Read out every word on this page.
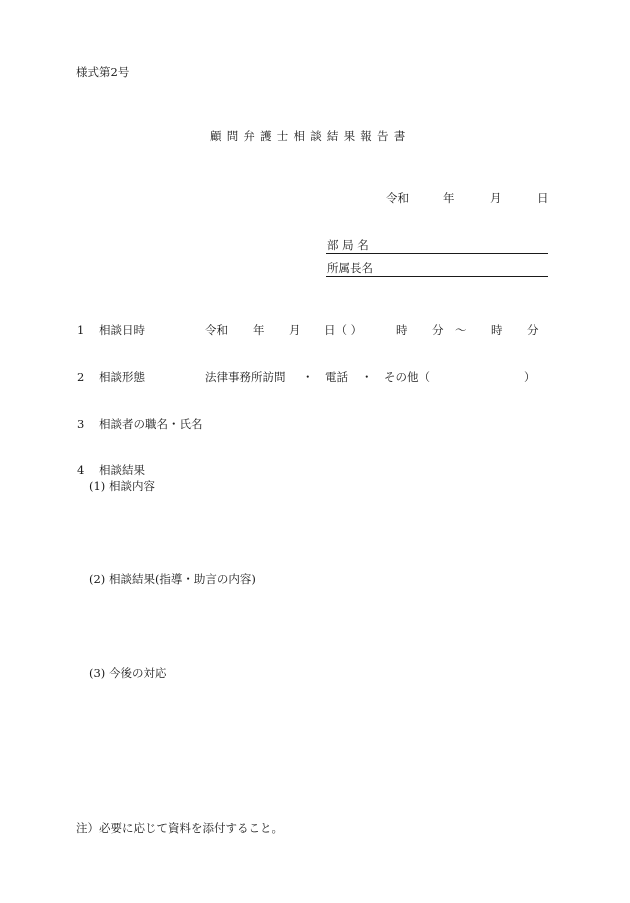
様式第2号
顧問弁護士相談結果報告書
令和	年	月	日
部 局 名
所属長名
1 相談日時	令和 年 月 日（ ）	時 分 〜 時 分
2 相談形態	法律事務所訪問 ・ 電話 ・ その他（	）
3 相談者の職名・氏名
4 相談結果
(1) 相談内容
(2) 相談結果(指導・助言の内容)
(3) 今後の対応
注）必要に応じて資料を添付すること。
